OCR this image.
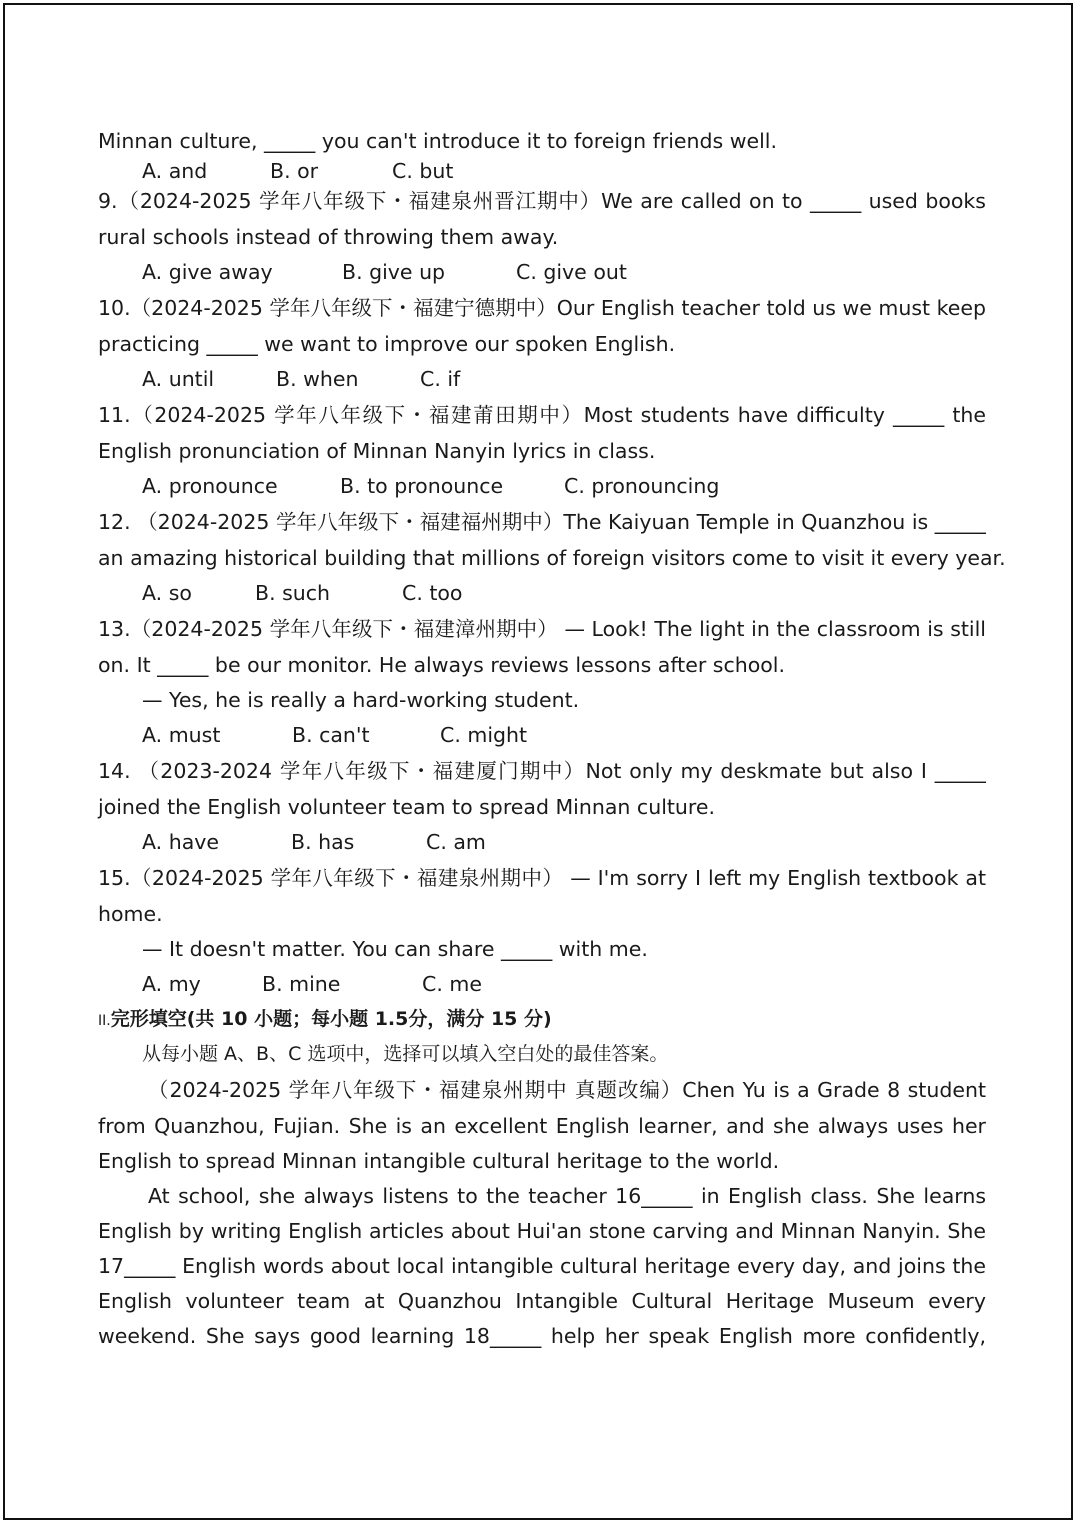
Minnan culture, _____ you can't introduce it to foreign friends well.
A. and	B. or	C. but
9.（2024-2025 学年八年级下・福建泉州晋江期中）We are called on to _____ used books
rural schools instead of throwing them away.
A. give away	B. give up	C. give out
10.（2024-2025 学年八年级下・福建宁德期中）Our English teacher told us we must keep
practicing _____ we want to improve our spoken English.
A. until	B. when	C. if
11.（2024-2025 学年八年级下・福建莆田期中）Most students have difficulty _____ the
English pronunciation of Minnan Nanyin lyrics in class.
A. pronounce	B. to pronounce	C. pronouncing
12. （2024-2025 学年八年级下・福建福州期中）The Kaiyuan Temple in Quanzhou is _____
an amazing historical building that millions of foreign visitors come to visit it every year.
A. so	B. such	C. too
13.（2024-2025 学年八年级下・福建漳州期中） — Look! The light in the classroom is still
on. It _____ be our monitor. He always reviews lessons after school.
— Yes, he is really a hard-working student.
A. must	B. can't	C. might
14. （2023-2024 学年八年级下・福建厦门期中）Not only my deskmate but also I _____
joined the English volunteer team to spread Minnan culture.
A. have	B. has	C. am
15.（2024-2025 学年八年级下・福建泉州期中） — I'm sorry I left my English textbook at
home.
— It doesn't matter. You can share _____ with me.
A. my	B. mine	C. me
II.完形填空(共 10 小题；每小题 1.5分，满分 15 分)
从每小题 A、B、C 选项中，选择可以填入空白处的最佳答案。
（2024-2025 学年八年级下・福建泉州期中 真题改编）Chen Yu is a Grade 8 student
from Quanzhou, Fujian. She is an excellent English learner, and she always uses her
English to spread Minnan intangible cultural heritage to the world.
At school, she always listens to the teacher 16_____ in English class. She learns
English by writing English articles about Hui'an stone carving and Minnan Nanyin. She
17_____ English words about local intangible cultural heritage every day, and joins the
English volunteer team at Quanzhou Intangible Cultural Heritage Museum every
weekend. She says good learning 18_____ help her speak English more confidently,
